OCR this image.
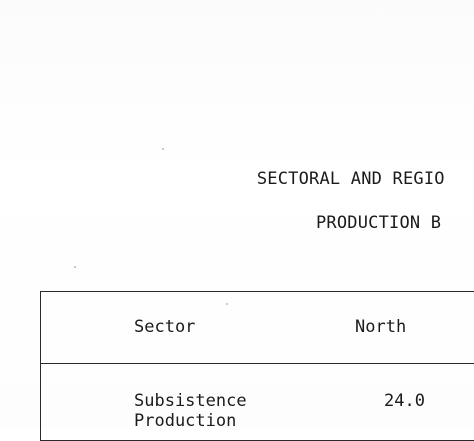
SECTORAL AND REGIO

PRODUCTION B

Sector	North
Subsistence
Production
24.0
